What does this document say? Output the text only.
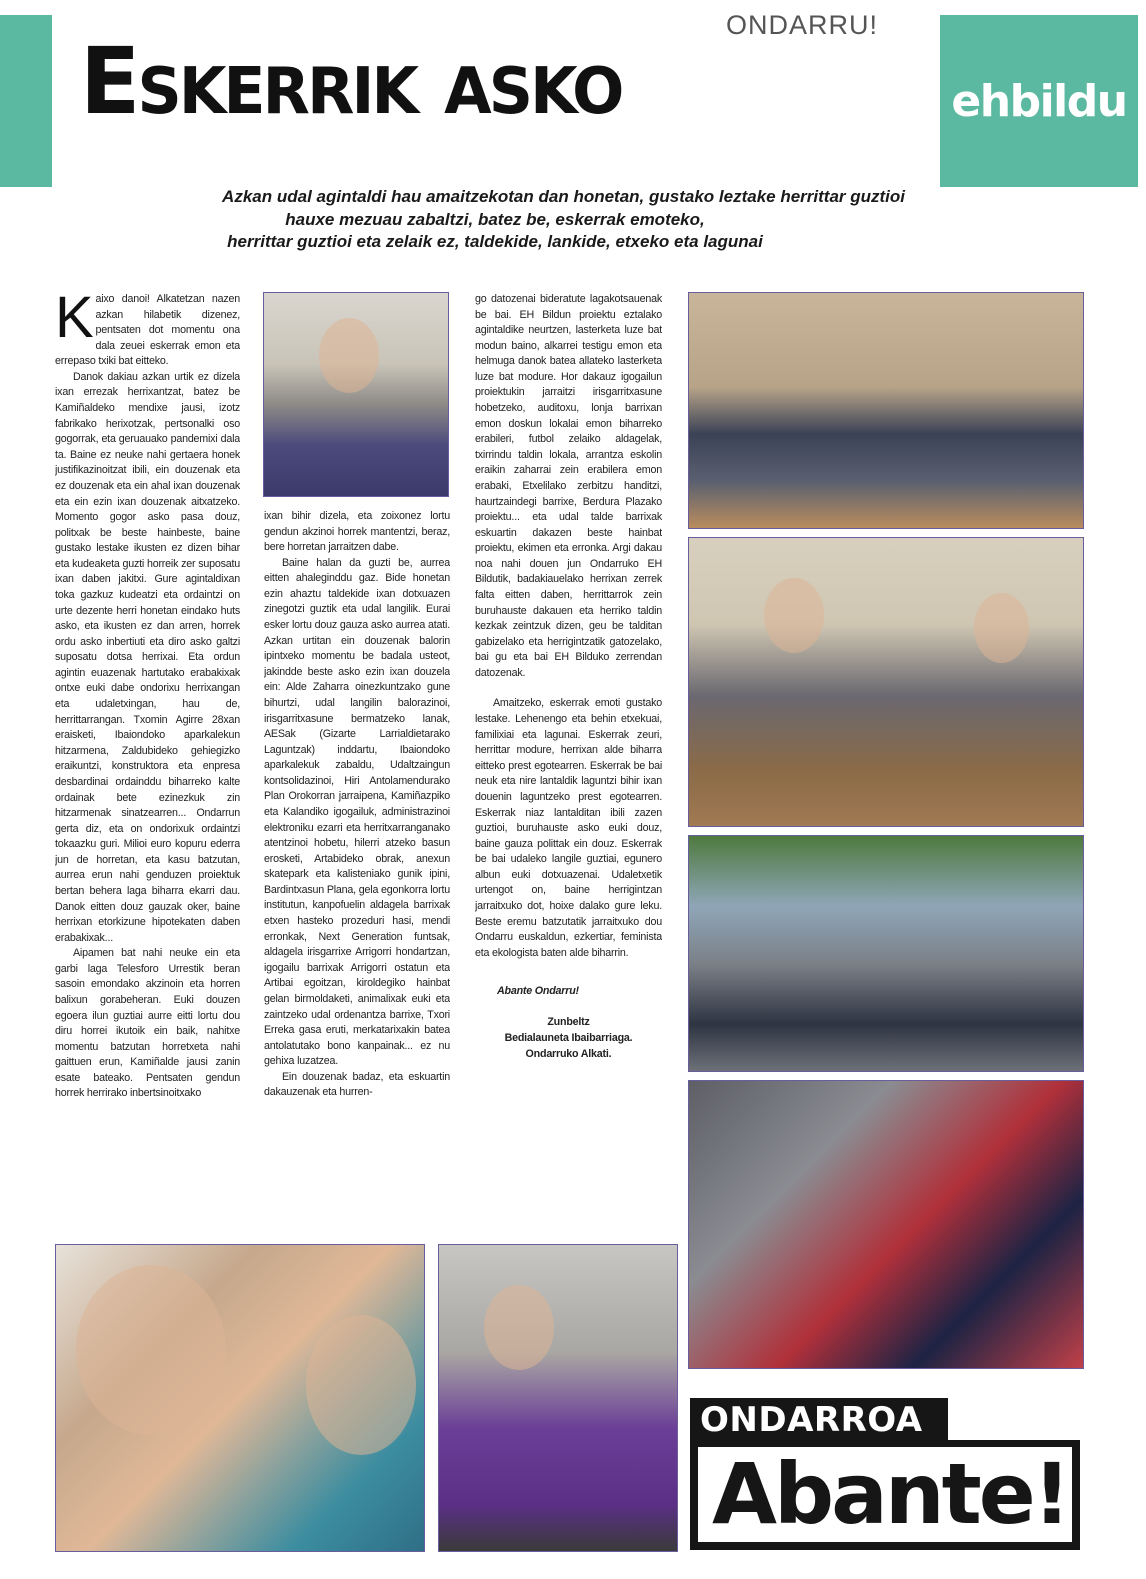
ehbildu
ONDARRU!
Eskerrik asko
Azkan udal agintaldi hau amaitzekotan dan honetan, gustako leztake herrittar guztioi
hauxe mezuau zabaltzi, batez be, eskerrak emoteko,
herrittar guztioi eta zelaik ez, taldekide, lankide, etxeko eta lagunai
K aixo danoi! Alkatetzan nazen azkan hilabetik dizenez, pentsaten dot momentu ona dala zeuei eskerrak emon eta errepaso txiki bat eitteko.

Danok dakiau azkan urtik ez dizela ixan errezak herrixantzat, batez be Kamiñaldeko mendixe jausi, izotz fabrikako herixotzak, pertsonalki oso gogorrak, eta geruauako pandemixi dala ta. Baine ez neuke nahi gertaera honek justifikazinoitzat ibili, ein douzenak eta ez douzenak eta ein ahal ixan douzenak eta ein ezin ixan douzenak aitxatzeko. Momento gogor asko pasa douz, politxak be beste hainbeste, baine gustako lestake ikusten ez dizen bihar eta kudeaketa guzti horreik zer suposatu ixan daben jakitxi. Gure agintaldixan toka gazkuz kudeatzi eta ordaintzi on urte dezente herri honetan eindako huts asko, eta ikusten ez dan arren, horrek ordu asko inbertiuti eta diro asko galtzi suposatu dotsa herrixai. Eta ordun agintin euazenak hartutako erabakixak ontxe euki dabe ondorixu herrixangan eta udaletxingan, hau de, herrittarrangan. Txomin Agirre 28xan eraisketi, Ibaiondoko aparkalekun hitzarmena, Zaldubideko gehiegizko eraikuntzi, konstruktora eta enpresa desbardinai ordainddu biharreko kalte ordainak bete ezinezkuk zin hitzarmenak sinatzearren... Ondarrun gerta diz, eta on ondorixuk ordaintzi tokaazku guri. Milioi euro kopuru ederra jun de horretan, eta kasu batzutan, aurrea erun nahi genduzen proiektuk bertan behera laga biharra ekarri dau. Danok eitten douz gauzak oker, baine herrixan etorkizune hipotekaten daben erabakixak...

Aipamen bat nahi neuke ein eta garbi laga Telesforo Urrestik beran sasoin emondako akzinoin eta horren balixun gorabeheran. Euki douzen egoera ilun guztiai aurre eitti lortu dou diru horrei ikutoik ein baik, nahitxe momentu batzutan horretxeta nahi gaittuen erun, Kamiñalde jausi zanin esate bateako. Pentsaten gendun horrek herrirako inbertsinoitxako

ixan bihir dizela, eta zoixonez lortu gendun akzinoi horrek mantentzi, beraz, bere horretan jarraitzen dabe.

Baine halan da guzti be, aurrea eitten ahaleginddu gaz. Bide honetan ezin ahaztu taldekide ixan dotxuazen zinegotzi guztik eta udal langilik. Eurai esker lortu douz gauza asko aurrea atati. Azkan urtitan ein douzenak balorin ipintxeko momentu be badala usteot, jakindde beste asko ezin ixan douzela ein: Alde Zaharra oinezkuntzako gune bihurtzi, udal langilin balorazinoi, irisgarritxasune bermatzeko lanak, AESak (Gizarte Larrialdietarako Laguntzak) inddartu, Ibaiondoko aparkalekuk zabaldu, Udaltzaingun kontsolidazinoi, Hiri Antolamendurako Plan Orokorran jarraipena, Kamiñazpiko eta Kalandiko igogailuk, administrazinoi elektroniku ezarri eta herritxarranganako atentzinoi hobetu, hilerri atzeko basun erosketi, Artabideko obrak, anexun skatepark eta kalisteniako gunik ipini, Bardintxasun Plana, gela egonkorra lortu institutun, kanpofuelin aldagela barrixak etxen hasteko prozeduri hasi, mendi erronkak, Next Generation funtsak, aldagela irisgarrixe Arrigorri hondartzan, igogailu barrixak Arrigorri ostatun eta Artibai egoitzan, kiroldegiko hainbat gelan birmoldaketi, animalixak euki eta zaintzeko udal ordenantza barrixe, Txori Erreka gasa eruti, merkatarixakin batea antolatutako bono kanpainak... ez nu gehixa luzatzea.

Ein douzenak badaz, eta eskuartin dakauzenak eta hurren-

go datozenai bideratute lagakotsauenak be bai. EH Bildun proiektu eztalako agintaldike neurtzen, lasterketa luze bat modun baino, alkarrei testigu emon eta helmuga danok batea allateko lasterketa luze bat modure. Hor dakauz igogailun proiektukin jarraitzi irisgarritxasune hobetzeko, auditoxu, lonja barrixan emon doskun lokalai emon biharreko erabileri, futbol zelaiko aldagelak, txirrindu taldin lokala, arrantza eskolin eraikin zaharrai zein erabilera emon erabaki, Etxelilako zerbitzu handitzi, haurtzaindegi barrixe, Berdura Plazako proiektu... eta udal talde barrixak eskuartin dakazen beste hainbat proiektu, ekimen eta erronka. Argi dakau noa nahi douen jun Ondarruko EH Bildutik, badakiauelako herrixan zerrek falta eitten daben, herrittarrok zein buruhauste dakauen eta herriko taldin kezkak zeintzuk dizen, geu be talditan gabizelako eta herrigintzatik gatozelako, bai gu eta bai EH Bilduko zerrendan datozenak.

Amaitzeko, eskerrak emoti gustako lestake. Lehenengo eta behin etxekuai, familixiai eta lagunai. Eskerrak zeuri, herrittar modure, herrixan alde biharra eitteko prest egotearren. Eskerrak be bai neuk eta nire lantaldik laguntzi bihir ixan douenin laguntzeko prest egotearren. Eskerrak niaz lantalditan ibili zazen guztioi, buruhauste asko euki douz, baine gauza polittak ein douz. Eskerrak be bai udaleko langile guztiai, egunero albun euki dotxuazenai. Udaletxetik urtengot on, baine herrigintzan jarraitxuko dot, hoixe dalako gure leku. Beste eremu batzutatik jarraitxuko dou Ondarru euskaldun, ezkertiar, feminista eta ekologista baten alde biharrin.

Abante Ondarru!
Zunbeltz
Bedialauneta Ibaibarriaga.
Ondarruko Alkati.
ONDARROA
Abante!
